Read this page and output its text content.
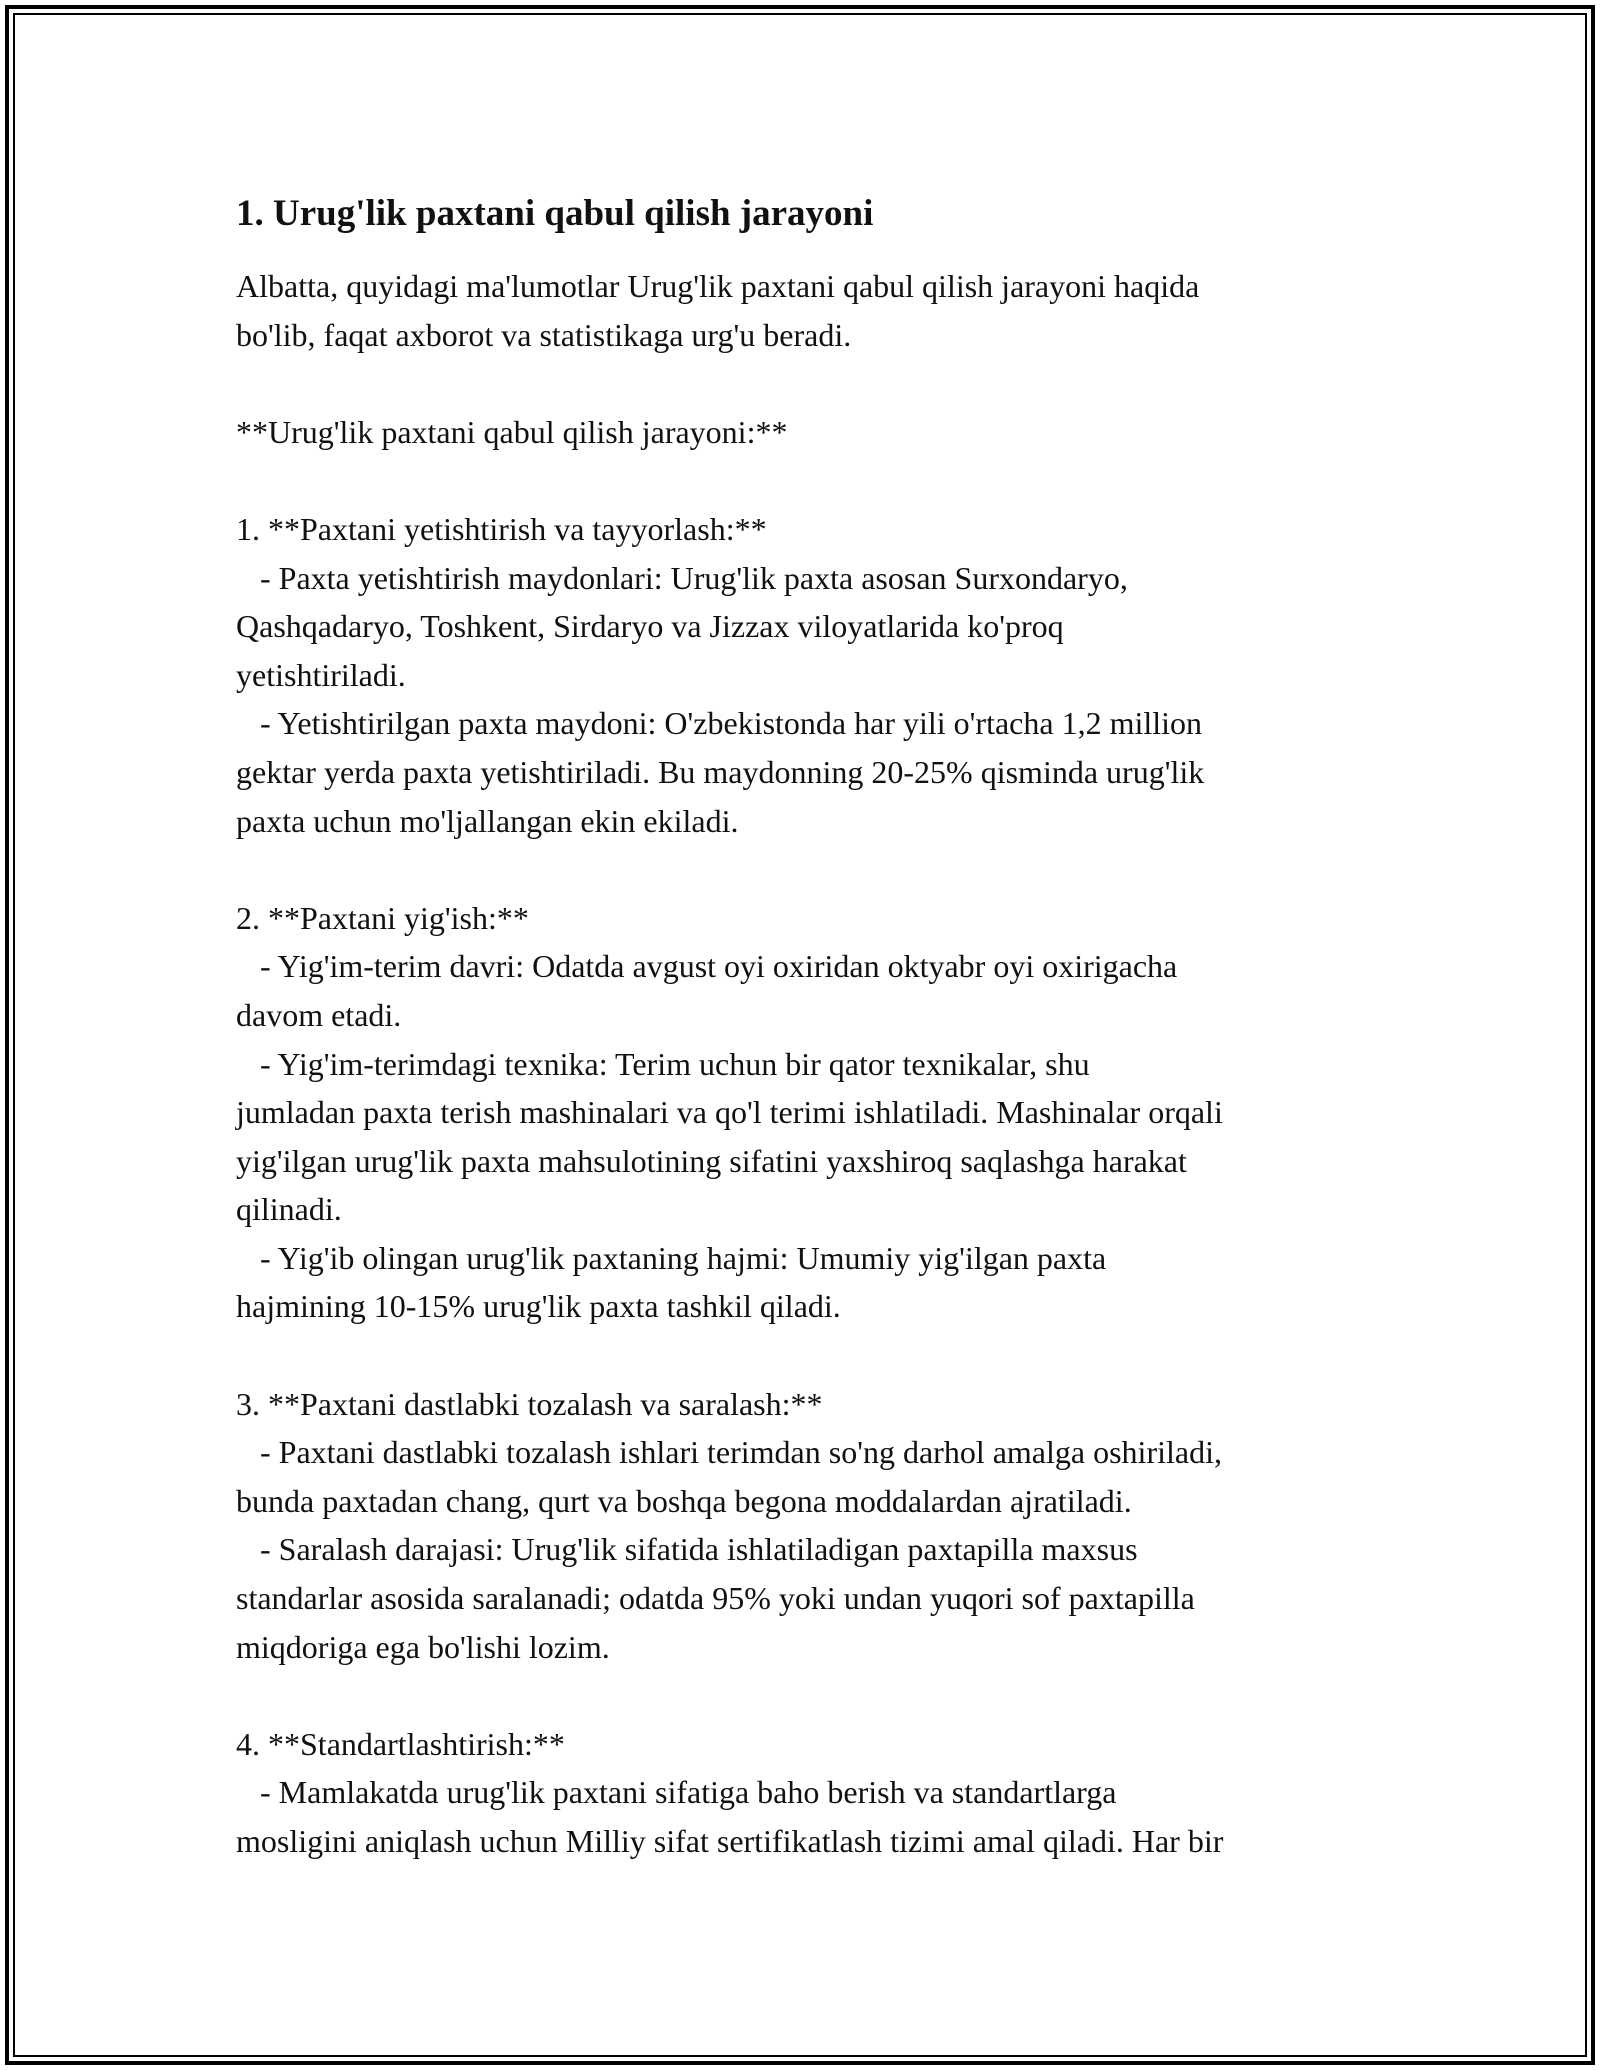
1. Urug'lik paxtani qabul qilish jarayoni
Albatta, quyidagi ma'lumotlar Urug'lik paxtani qabul qilish jarayoni haqida
bo'lib, faqat axborot va statistikaga urg'u beradi.
**Urug'lik paxtani qabul qilish jarayoni:**
1. **Paxtani yetishtirish va tayyorlash:**
- Paxta yetishtirish maydonlari: Urug'lik paxta asosan Surxondaryo,
Qashqadaryo, Toshkent, Sirdaryo va Jizzax viloyatlarida ko'proq
yetishtiriladi.
- Yetishtirilgan paxta maydoni: O'zbekistonda har yili o'rtacha 1,2 million
gektar yerda paxta yetishtiriladi. Bu maydonning 20-25% qisminda urug'lik
paxta uchun mo'ljallangan ekin ekiladi.
2. **Paxtani yig'ish:**
- Yig'im-terim davri: Odatda avgust oyi oxiridan oktyabr oyi oxirigacha
davom etadi.
- Yig'im-terimdagi texnika: Terim uchun bir qator texnikalar, shu
jumladan paxta terish mashinalari va qo'l terimi ishlatiladi. Mashinalar orqali
yig'ilgan urug'lik paxta mahsulotining sifatini yaxshiroq saqlashga harakat
qilinadi.
- Yig'ib olingan urug'lik paxtaning hajmi: Umumiy yig'ilgan paxta
hajmining 10-15% urug'lik paxta tashkil qiladi.
3. **Paxtani dastlabki tozalash va saralash:**
- Paxtani dastlabki tozalash ishlari terimdan so'ng darhol amalga oshiriladi,
bunda paxtadan chang, qurt va boshqa begona moddalardan ajratiladi.
- Saralash darajasi: Urug'lik sifatida ishlatiladigan paxtapilla maxsus
standarlar asosida saralanadi; odatda 95% yoki undan yuqori sof paxtapilla
miqdoriga ega bo'lishi lozim.
4. **Standartlashtirish:**
- Mamlakatda urug'lik paxtani sifatiga baho berish va standartlarga
mosligini aniqlash uchun Milliy sifat sertifikatlash tizimi amal qiladi. Har bir
